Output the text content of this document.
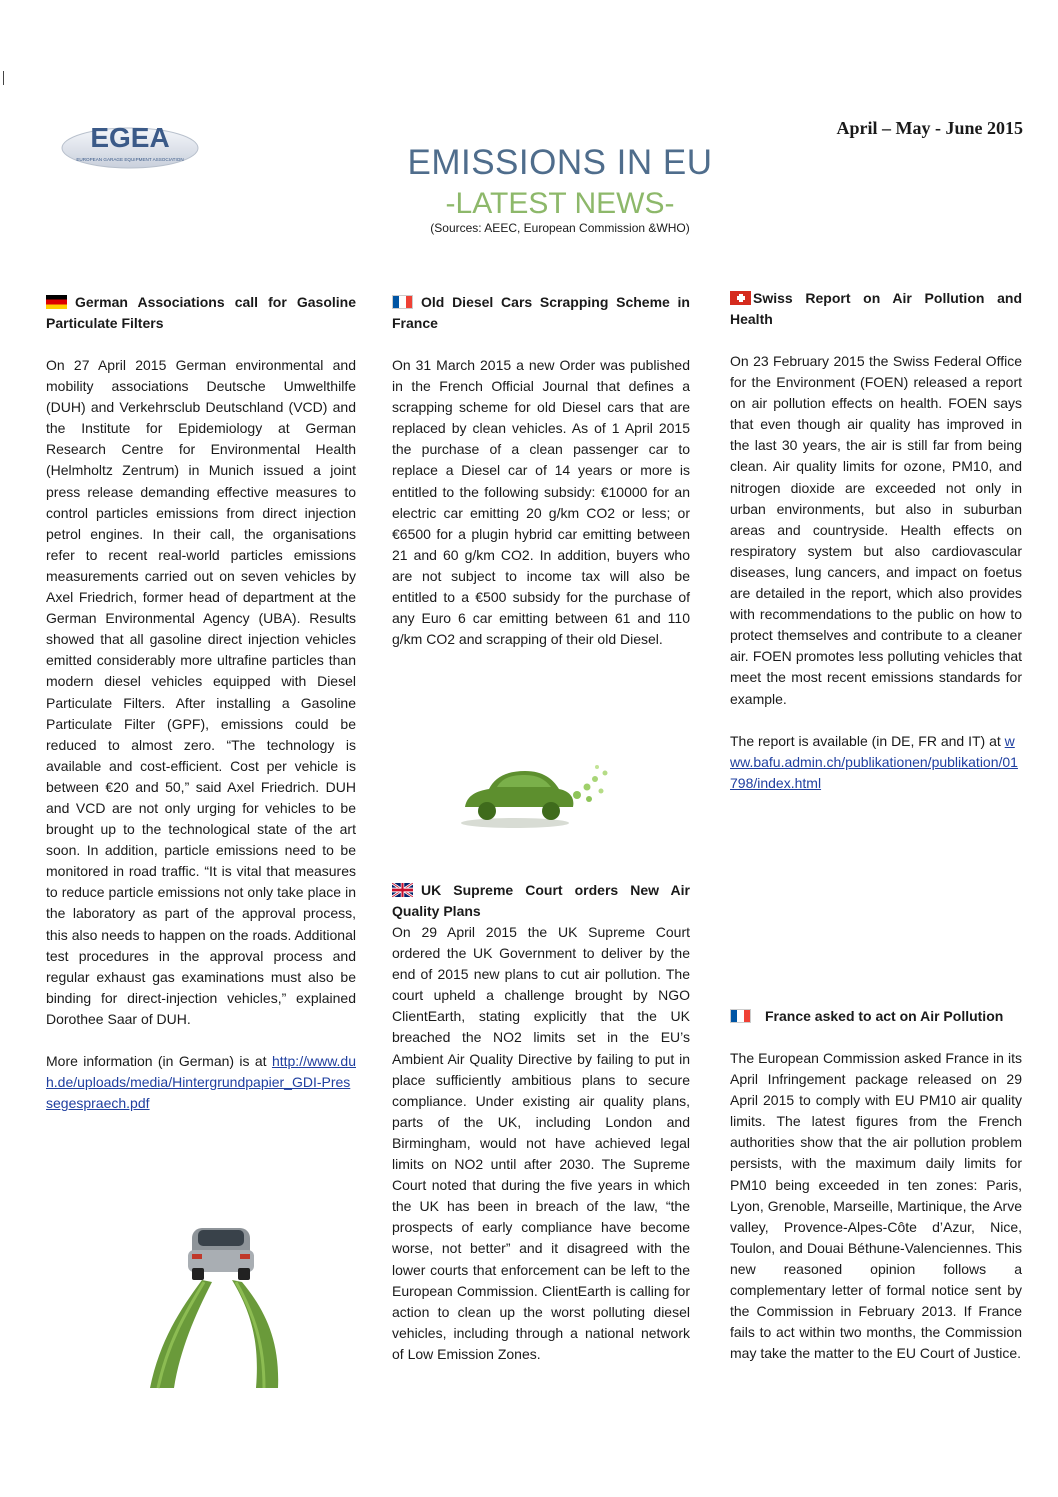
EGEA
EUROPEAN GARAGE EQUIPMENT ASSOCIATION
April – May - June 2015
EMISSIONS IN EU
-LATEST NEWS-
(Sources: AEEC, European Commission &WHO)
German Associations call for Gasoline Particulate Filters

On 27 April 2015 German environmental and mobility associations Deutsche Umwelthilfe (DUH) and Verkehrsclub Deutschland (VCD) and the Institute for Epidemiology at German Research Centre for Environmental Health (Helmholtz Zentrum) in Munich issued a joint press release demanding effective measures to control particles emissions from direct injection petrol engines. In their call, the organisations refer to recent real-world particles emissions measurements carried out on seven vehicles by Axel Friedrich, former head of department at the German Environmental Agency (UBA). Results showed that all gasoline direct injection vehicles emitted considerably more ultrafine particles than modern diesel vehicles equipped with Diesel Particulate Filters. After installing a Gasoline Particulate Filter (GPF), emissions could be reduced to almost zero. “The technology is available and cost-efficient. Cost per vehicle is between €20 and 50,” said Axel Friedrich. DUH and VCD are not only urging for vehicles to be brought up to the technological state of the art soon. In addition, particle emissions need to be monitored in road traffic. “It is vital that measures to reduce particle emissions not only take place in the laboratory as part of the approval process, this also needs to happen on the roads. Additional test procedures in the approval process and regular exhaust gas examinations must also be binding for direct-injection vehicles,” explained Dorothee Saar of DUH.

More information (in German) is at http://www.duh.de/uploads/media/Hintergrundpapier_GDI-Pressegespraech.pdf

Old Diesel Cars Scrapping Scheme in France

On 31 March 2015 a new Order was published in the French Official Journal that defines a scrapping scheme for old Diesel cars that are replaced by clean vehicles. As of 1 April 2015 the purchase of a clean passenger car to replace a Diesel car of 14 years or more is entitled to the following subsidy: €10000 for an electric car emitting 20 g/km CO2 or less; or €6500 for a plugin hybrid car emitting between 21 and 60 g/km CO2. In addition, buyers who are not subject to income tax will also be entitled to a €500 subsidy for the purchase of any Euro 6 car emitting between 61 and 110 g/km CO2 and scrapping of their old Diesel.

UK Supreme Court orders New Air Quality Plans

On 29 April 2015 the UK Supreme Court ordered the UK Government to deliver by the end of 2015 new plans to cut air pollution. The court upheld a challenge brought by NGO ClientEarth, stating explicitly that the UK breached the NO2 limits set in the EU’s Ambient Air Quality Directive by failing to put in place sufficiently ambitious plans to secure compliance. Under existing air quality plans, parts of the UK, including London and Birmingham, would not have achieved legal limits on NO2 until after 2030. The Supreme Court noted that during the five years in which the UK has been in breach of the law, “the prospects of early compliance have become worse, not better” and it disagreed with the lower courts that enforcement can be left to the European Commission. ClientEarth is calling for action to clean up the worst polluting diesel vehicles, including through a national network of Low Emission Zones.

Swiss Report on Air Pollution and Health

On 23 February 2015 the Swiss Federal Office for the Environment (FOEN) released a report on air pollution effects on health. FOEN says that even though air quality has improved in the last 30 years, the air is still far from being clean. Air quality limits for ozone, PM10, and nitrogen dioxide are exceeded not only in urban environments, but also in suburban areas and countryside. Health effects on respiratory system but also cardiovascular diseases, lung cancers, and impact on foetus are detailed in the report, which also provides with recommendations to the public on how to protect themselves and contribute to a cleaner air. FOEN promotes less polluting vehicles that meet the most recent emissions standards for example.

The report is available (in DE, FR and IT) at www.bafu.admin.ch/publikationen/publikation/01798/index.html

France asked to act on Air Pollution

The European Commission asked France in its April Infringement package released on 29 April 2015 to comply with EU PM10 air quality limits. The latest figures from the French authorities show that the air pollution problem persists, with the maximum daily limits for PM10 being exceeded in ten zones: Paris, Lyon, Grenoble, Marseille, Martinique, the Arve valley, Provence-Alpes-Côte d’Azur, Nice, Toulon, and Douai Béthune-Valenciennes. This new reasoned opinion follows a complementary letter of formal notice sent by the Commission in February 2013. If France fails to act within two months, the Commission may take the matter to the EU Court of Justice.
